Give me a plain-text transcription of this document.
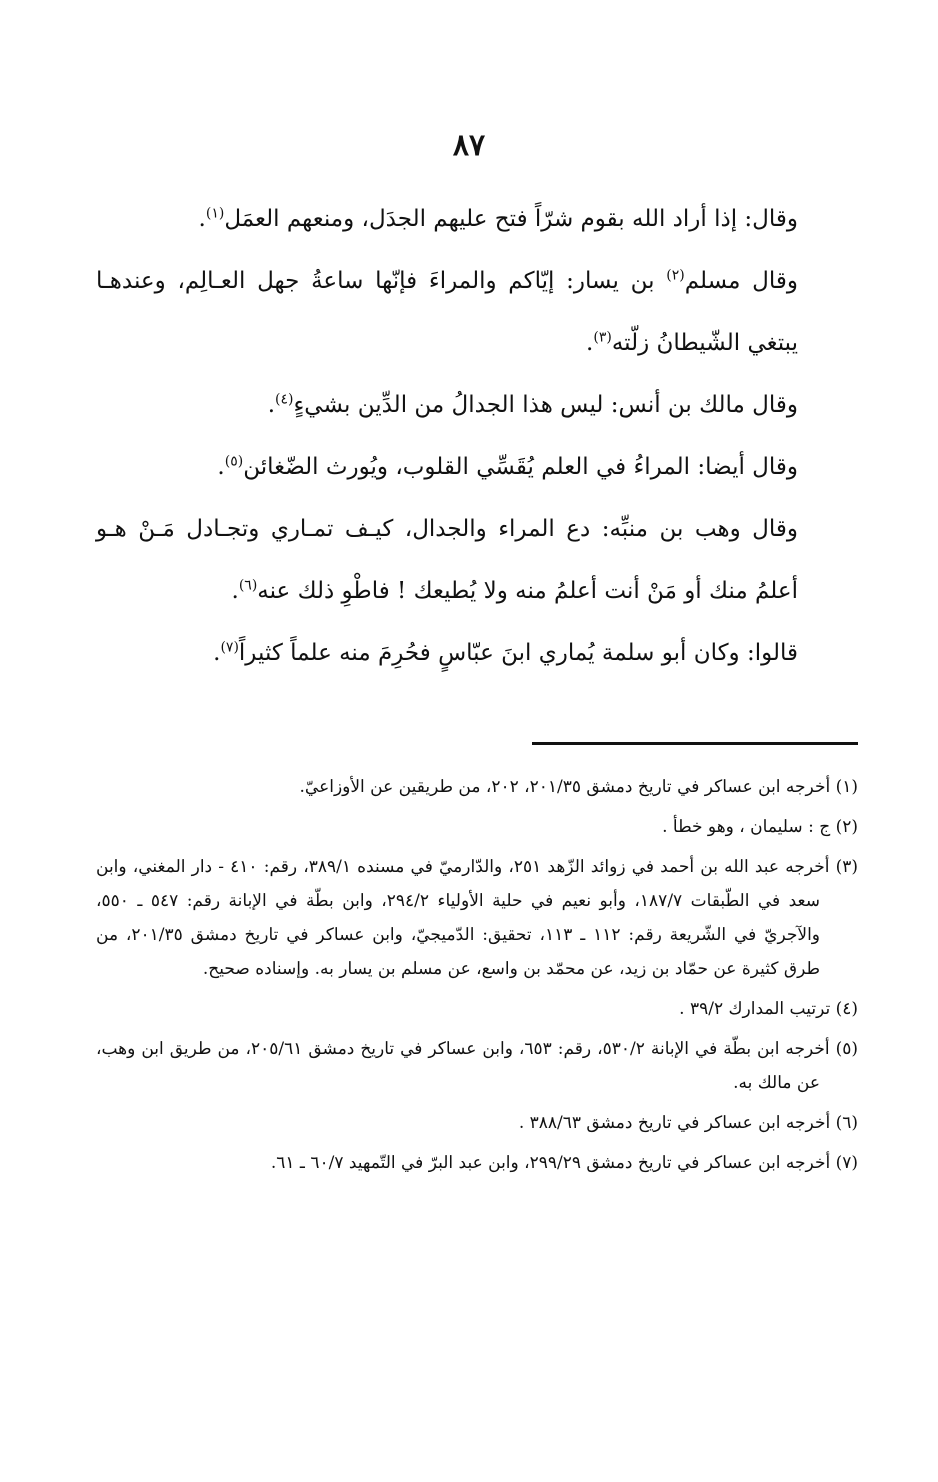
٨٧

وقال: إذا أراد الله بقوم شرّاً فتح عليهم الجدَل، ومنعهم العمَل$^{(١)}$.

وقال مسلم$^{(٢)}$ بن يسار: إيّاكم والمراءَ فإنّها ساعةُ جهل العـالِم، وعندهـا يبتغي الشّيطانُ زلّته$^{(٣)}$.

وقال مالك بن أنس: ليس هذا الجدالُ من الدِّين بشيءٍ$^{(٤)}$.

وقال أيضا: المراءُ في العلم يُقَسِّي القلوب، ويُورث الضّغائن$^{(٥)}$.

وقال وهب بن منبِّه: دع المراء والجدال، كيـف تمـاري وتجـادل مَـنْ هـو أعلمُ منك أو مَنْ أنت أعلمُ منه ولا يُطيعك ! فاطْوِ ذلك عنه$^{(٦)}$.

قالوا: وكان أبو سلمة يُماري ابنَ عبّاسٍ فحُرِمَ منه علماً كثيراً$^{(٧)}$.

(١) أخرجه ابن عساكر في تاريخ دمشق ٢٠١/٣٥، ٢٠٢، من طريقين عن الأوزاعيّ.

(٢) ج : سليمان ، وهو خطأ .

(٣) أخرجه عبد الله بن أحمد في زوائد الزّهد ٢٥١، والدّارميّ في مسنده ٣٨٩/١، رقم: ٤١٠ - دار المغني، وابن سعد في الطّبقات ١٨٧/٧، وأبو نعيم في حلية الأولياء ٢٩٤/٢، وابن بطّة في الإبانة رقم: ٥٤٧ ـ ٥٥٠، والآجريّ في الشّريعة رقم: ١١٢ ـ ١١٣، تحقيق: الدّميجيّ، وابن عساكر في تاريخ دمشق ٢٠١/٣٥، من طرق كثيرة عن حمّاد بن زيد، عن محمّد بن واسع، عن مسلم بن يسار به. وإسناده صحيح.

(٤) ترتيب المدارك ٣٩/٢ .

(٥) أخرجه ابن بطّة في الإبانة ٥٣٠/٢، رقم: ٦٥٣، وابن عساكر في تاريخ دمشق ٢٠٥/٦١، من طريق ابن وهب، عن مالك به.

(٦) أخرجه ابن عساكر في تاريخ دمشق ٣٨٨/٦٣ .

(٧) أخرجه ابن عساكر في تاريخ دمشق ٢٩٩/٢٩، وابن عبد البرّ في التّمهيد ٦٠/٧ ـ ٦١.
